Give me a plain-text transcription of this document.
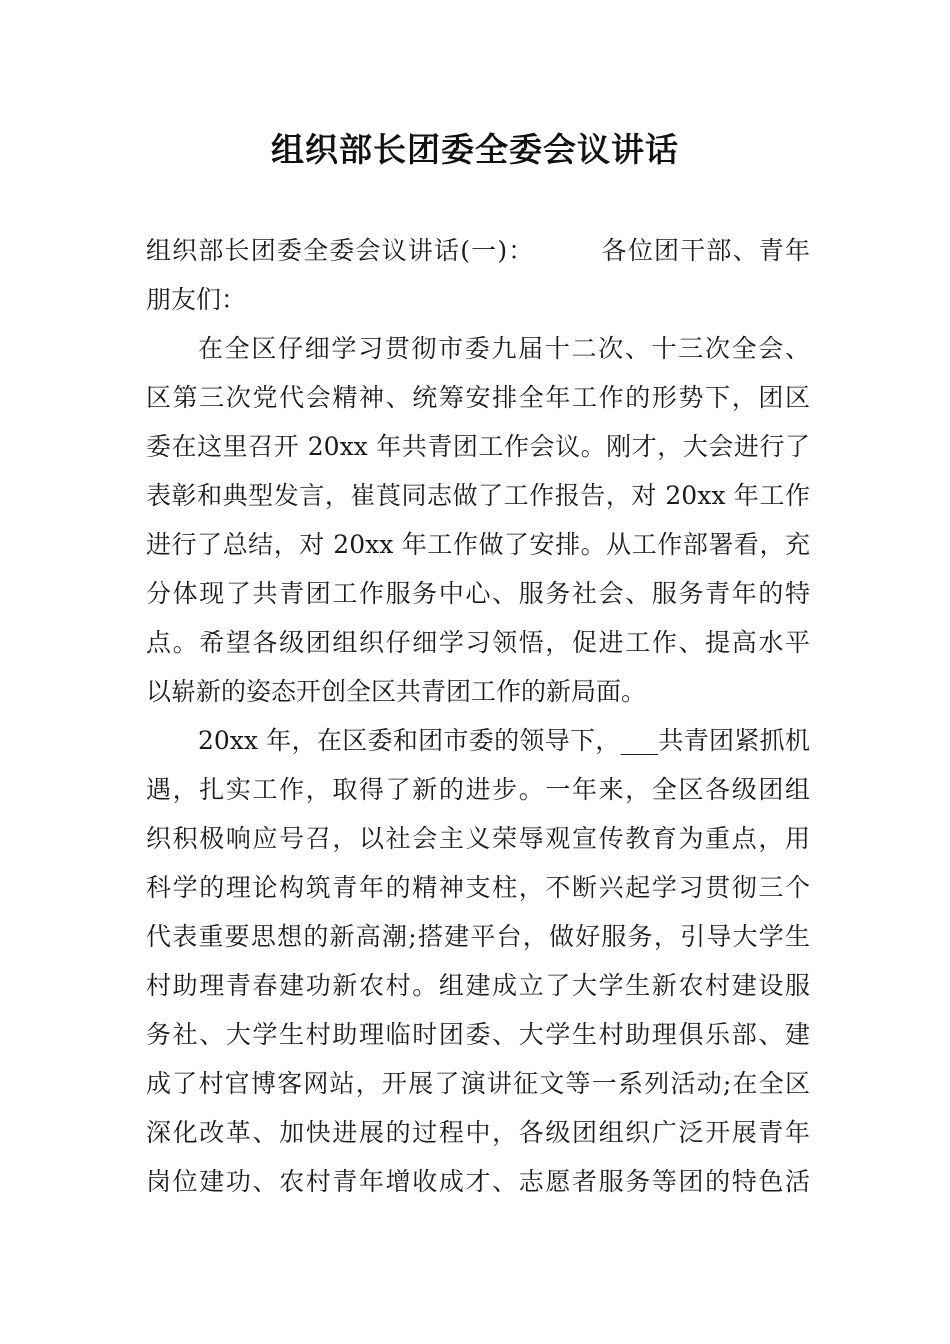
组织部长团委全委会议讲话
组织部长团委全委会议讲话(一)：	各位团干部、青年
朋友们：
在全区仔细学习贯彻市委九届十二次、十三次全会、
区第三次党代会精神、统筹安排全年工作的形势下，团区
委在这里召开 20xx 年共青团工作会议。刚才，大会进行了
表彰和典型发言，崔莨同志做了工作报告，对 20xx 年工作
进行了总结，对 20xx 年工作做了安排。从工作部署看，充
分体现了共青团工作服务中心、服务社会、服务青年的特
点。希望各级团组织仔细学习领悟，促进工作、提高水平
以崭新的姿态开创全区共青团工作的新局面。
20xx 年，在区委和团市委的领导下，___共青团紧抓机
遇，扎实工作，取得了新的进步。一年来，全区各级团组
织积极响应号召，以社会主义荣辱观宣传教育为重点，用
科学的理论构筑青年的精神支柱，不断兴起学习贯彻三个
代表重要思想的新高潮;搭建平台，做好服务，引导大学生
村助理青春建功新农村。组建成立了大学生新农村建设服
务社、大学生村助理临时团委、大学生村助理俱乐部、建
成了村官博客网站，开展了演讲征文等一系列活动;在全区
深化改革、加快进展的过程中，各级团组织广泛开展青年
岗位建功、农村青年增收成才、志愿者服务等团的特色活
